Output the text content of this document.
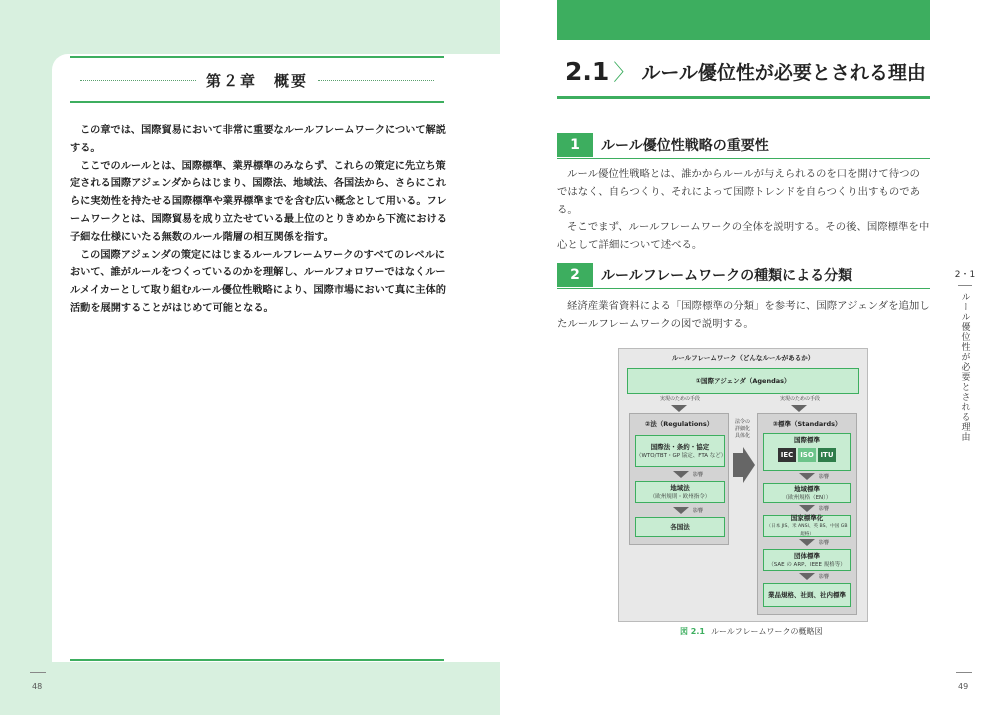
第２章　概要

この章では、国際貿易において非常に重要なルールフレームワークについて解説する。

ここでのルールとは、国際標準、業界標準のみならず、これらの策定に先立ち策定される国際アジェンダからはじまり、国際法、地域法、各国法から、さらにこれらに実効性を持たせる国際標準や業界標準までを含む広い概念として用いる。フレームワークとは、国際貿易を成り立たせている最上位のとりきめから下流における子細な仕様にいたる無数のルール階層の相互関係を指す。

この国際アジェンダの策定にはじまるルールフレームワークのすべてのレベルにおいて、誰がルールをつくっているのかを理解し、ルールフォロワーではなくルールメイカーとして取り組むルール優位性戦略により、国際市場において真に主体的活動を展開することがはじめて可能となる。

48
2.1 〉 ルール優位性が必要とされる理由
1	ルール優位性戦略の重要性

ルール優位性戦略とは、誰かからルールが与えられるのを口を開けて待つのではなく、自らつくり、それによって国際トレンドを自らつくり出すものである。

そこでまず、ルールフレームワークの全体を説明する。その後、国際標準を中心として詳細について述べる。

2	ルールフレームワークの種類による分類

経済産業省資料による「国際標準の分類」を参考に、国際アジェンダを追加したルールフレームワークの図で説明する。

2・1
ルール優位性が必要とされる理由
ルールフレームワーク（どんなルールがあるか）
①国際アジェンダ（Agendas）
実現のための手段	実現のための手段
②法（Regulations）
国際法・条約・協定
（WTO/TBT・GP 協定、FTA など）
影響
地域法
（欧州規則・欧州指令）
影響
各国法
法令の詳細化具体化
③標準（Standards）
国際標準
IEC ISO ITU
影響
地域標準
（欧州規格（EN））
影響
国家標準化
（日本 JIS、米 ANSI、英 BS、中国 GB 規格）
影響
団体標準
（SAE の ARP、IEEE 規格等）
影響
業品規格、社則、社内標準
図 2.1 ルールフレームワークの概略図
49
